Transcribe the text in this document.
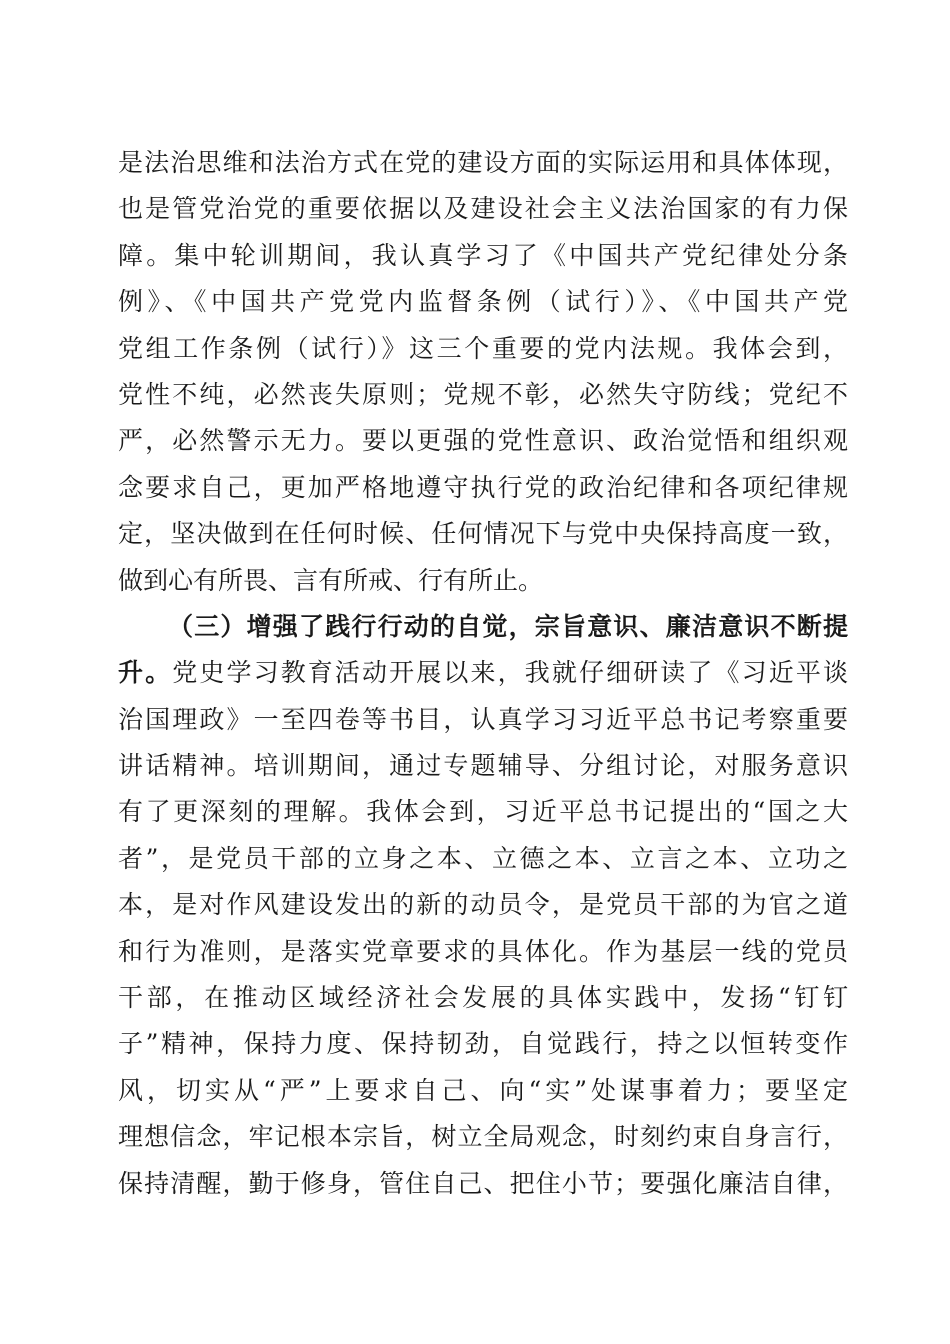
是法治思维和法治方式在党的建设方面的实际运用和具体体现，
也是管党治党的重要依据以及建设社会主义法治国家的有力保
障。集中轮训期间，我认真学习了《中国共产党纪律处分条
例》、《中国共产党党内监督条例（试行）》、《中国共产党
党组工作条例（试行）》这三个重要的党内法规。我体会到，
党性不纯，必然丧失原则；党规不彰，必然失守防线；党纪不
严，必然警示无力。要以更强的党性意识、政治觉悟和组织观
念要求自己，更加严格地遵守执行党的政治纪律和各项纪律规
定，坚决做到在任何时候、任何情况下与党中央保持高度一致，
做到心有所畏、言有所戒、行有所止。
（三）增强了践行行动的自觉，宗旨意识、廉洁意识不断提
升。党史学习教育活动开展以来，我就仔细研读了《习近平谈
治国理政》一至四卷等书目，认真学习习近平总书记考察重要
讲话精神。培训期间，通过专题辅导、分组讨论，对服务意识
有了更深刻的理解。我体会到，习近平总书记提出的“国之大
者”，是党员干部的立身之本、立德之本、立言之本、立功之
本，是对作风建设发出的新的动员令，是党员干部的为官之道
和行为准则，是落实党章要求的具体化。作为基层一线的党员
干部，在推动区域经济社会发展的具体实践中，发扬“钉钉
子”精神，保持力度、保持韧劲，自觉践行，持之以恒转变作
风，切实从“严”上要求自己、向“实”处谋事着力；要坚定
理想信念，牢记根本宗旨，树立全局观念，时刻约束自身言行，
保持清醒，勤于修身，管住自己、把住小节；要强化廉洁自律，
